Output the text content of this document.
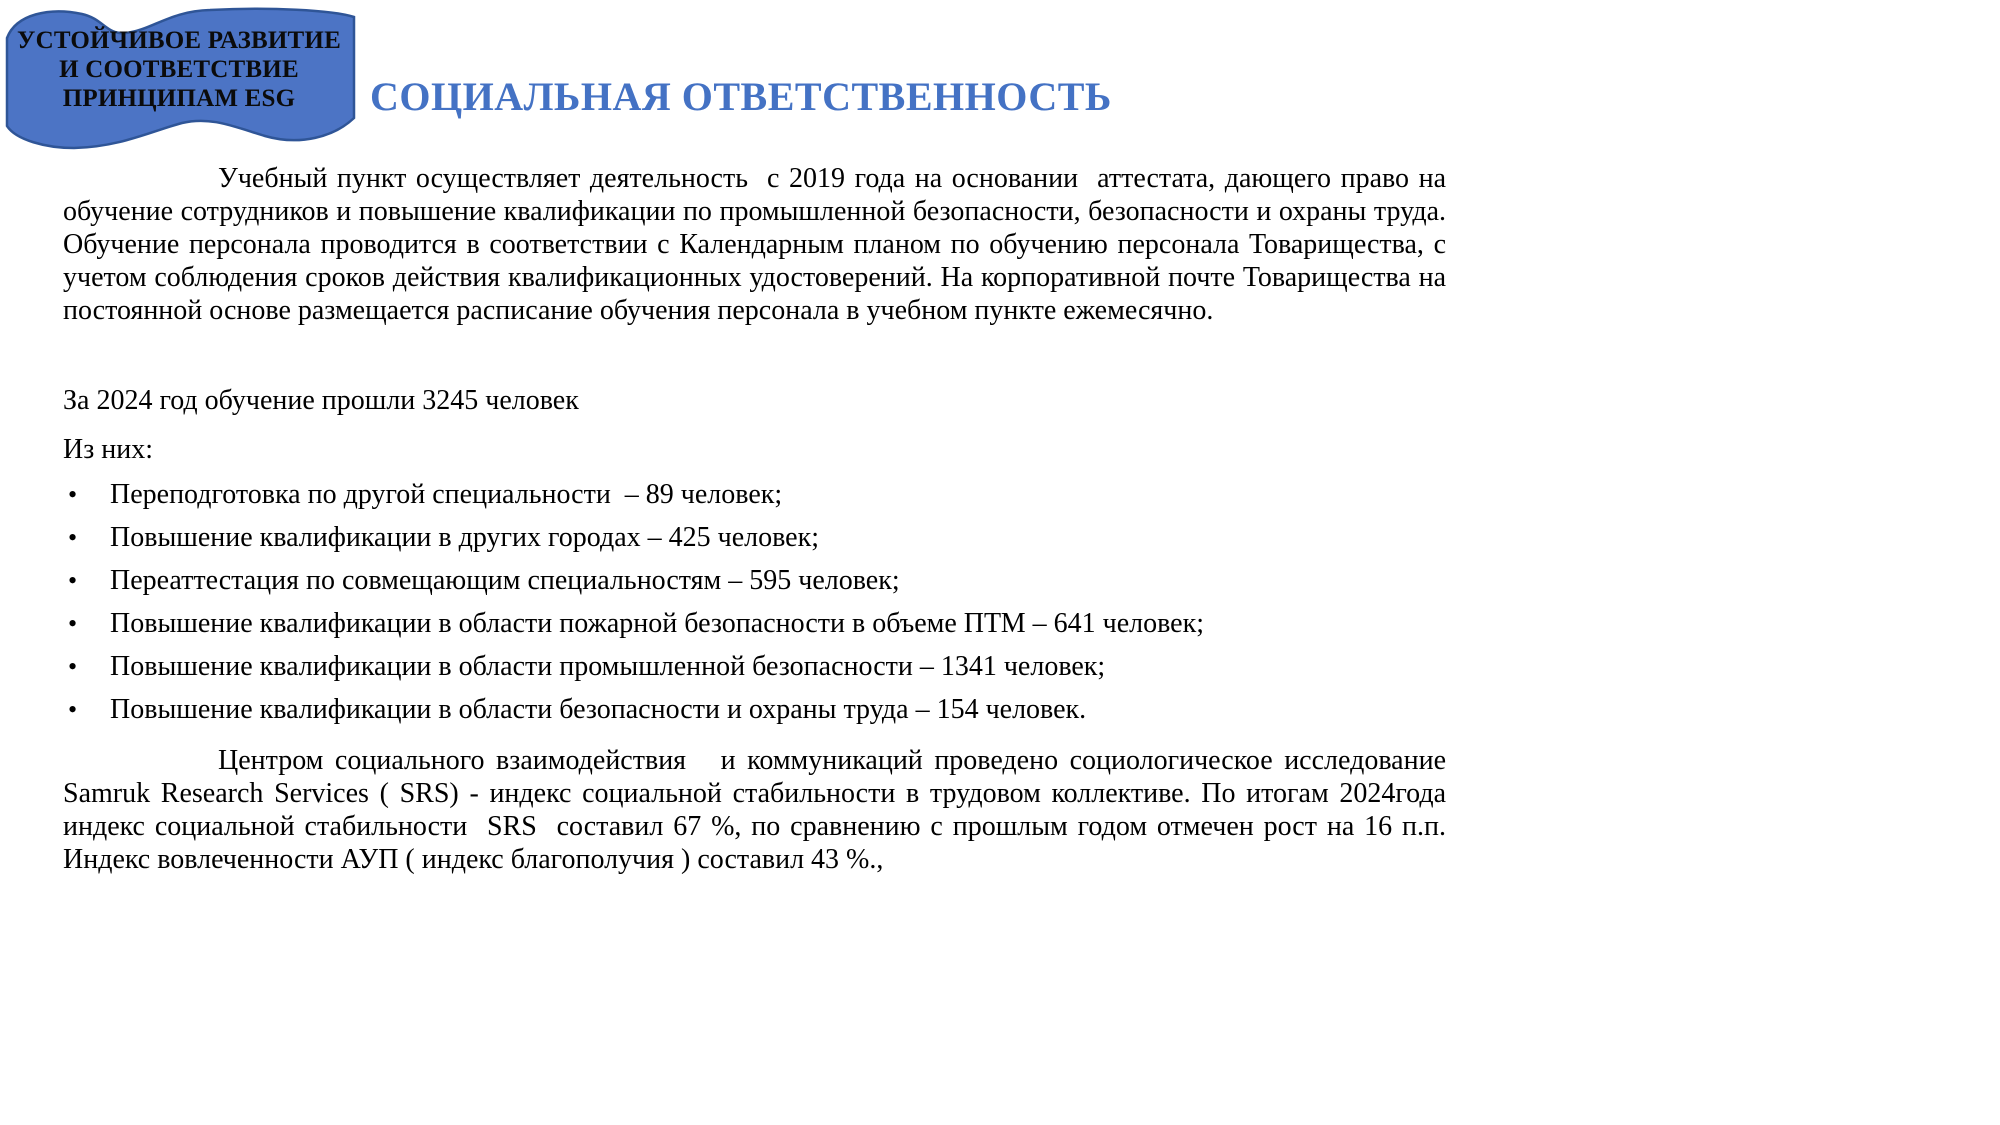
УСТОЙЧИВОЕ РАЗВИТИЕ
И СООТВЕТСТВИЕ
ПРИНЦИПАМ ESG	СОЦИАЛЬНАЯ ОТВЕТСТВЕННОСТЬ

Учебный пункт осуществляет деятельность  с 2019 года на основании  аттестата, дающего право на обучение сотрудников и повышение квалификации по промышленной безопасности, безопасности и охраны труда. Обучение персонала проводится в соответствии с Календарным планом по обучению персонала Товарищества, с учетом соблюдения сроков действия квалификационных удостоверений. На корпоративной почте Товарищества на постоянной основе размещается расписание обучения персонала в учебном пункте ежемесячно.

За 2024 год обучение прошли 3245 человек

Из них:

•	Переподготовка по другой специальности  – 89 человек;
•	Повышение квалификации в других городах – 425 человек;
•	Переаттестация по совмещающим специальностям – 595 человек;
•	Повышение квалификации в области пожарной безопасности в объеме ПТМ – 641 человек;
•	Повышение квалификации в области промышленной безопасности – 1341 человек;
•	Повышение квалификации в области безопасности и охраны труда – 154 человек.

Центром социального взаимодействия   и коммуникаций проведено социологическое исследование Samruk Research Services ( SRS) - индекс социальной стабильности в трудовом коллективе. По итогам 2024года индекс социальной стабильности  SRS  составил 67 %, по сравнению с прошлым годом отмечен рост на 16 п.п. Индекс вовлеченности АУП ( индекс благополучия ) составил 43 %.,
